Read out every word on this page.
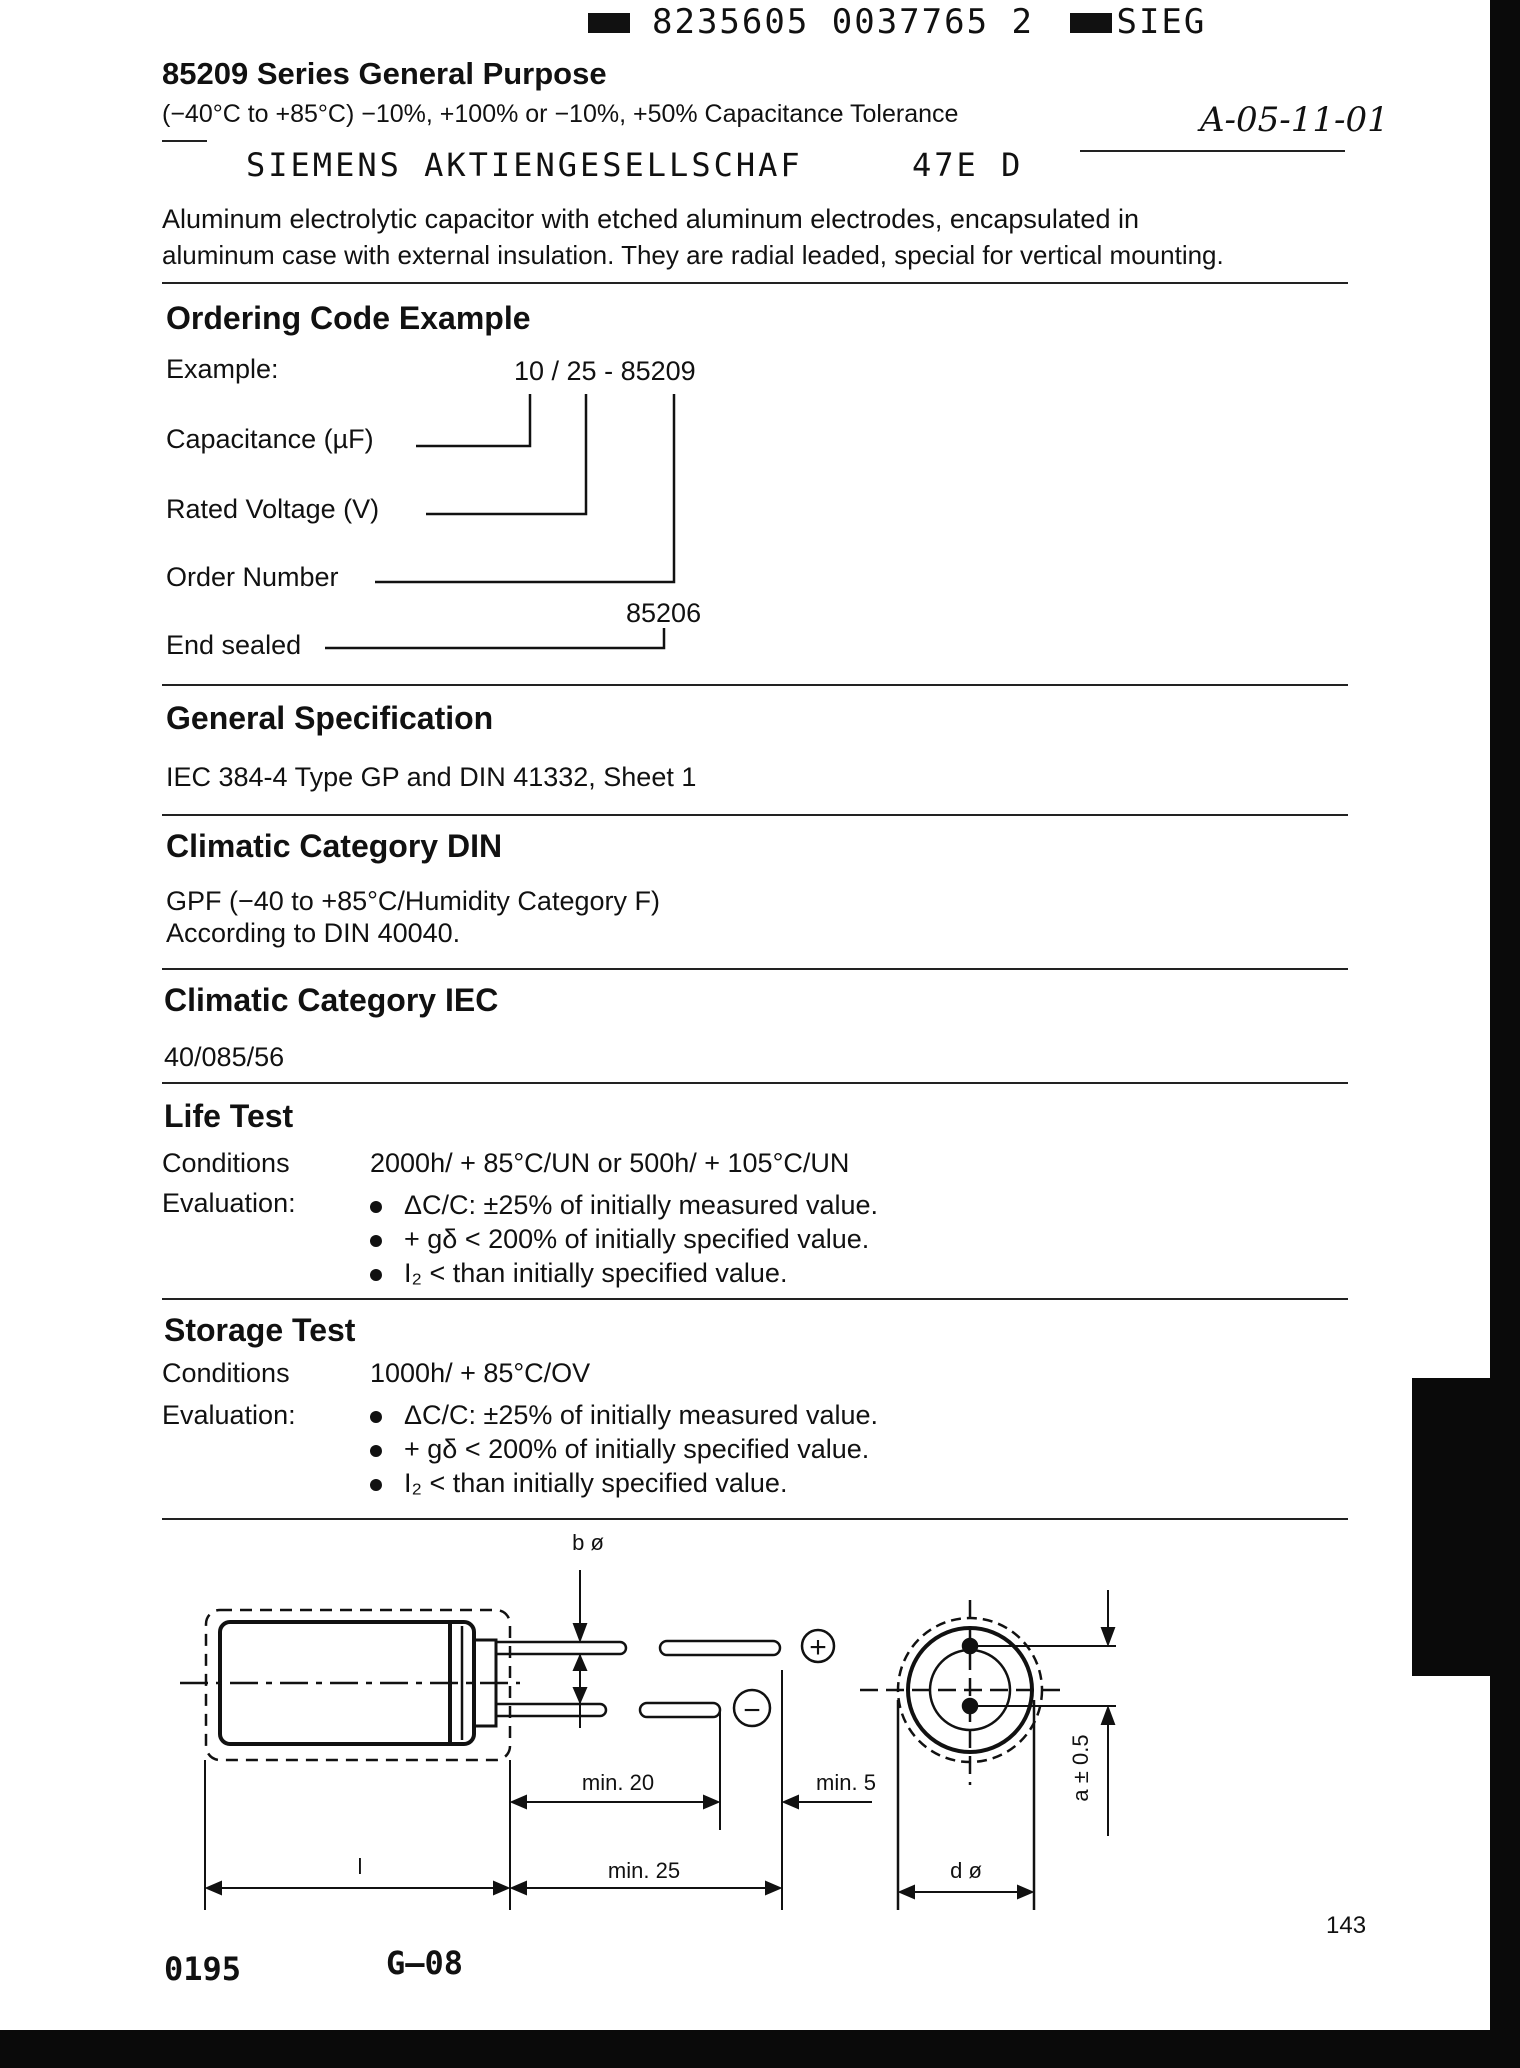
8235605 0037765 2 SIEG
85209 Series General Purpose
(−40°C to +85°C) −10%, +100% or −10%, +50% Capacitance Tolerance	A-05-11-01
SIEMENS AKTIENGESELLSCHAF	47E D
Aluminum electrolytic capacitor with etched aluminum electrodes, encapsulated in
aluminum case with external insulation. They are radial leaded, special for vertical mounting.
Ordering Code Example
Example:	10 / 25 - 85209
Capacitance (µF)
Rated Voltage (V)
Order Number
85206
End sealed
General Specification
IEC 384-4 Type GP and DIN 41332, Sheet 1
Climatic Category DIN
GPF (−40 to +85°C/Humidity Category F)
According to DIN 40040.
Climatic Category IEC
40/085/56
Life Test
Conditions	2000h/ + 85°C/UN or 500h/ + 105°C/UN
Evaluation:	ΔC/C: ±25% of initially measured value.
+ gδ < 200% of initially specified value.
I₂ < than initially specified value.
Storage Test
Conditions	1000h/ + 85°C/OV
Evaluation:	ΔC/C: ±25% of initially measured value.
+ gδ < 200% of initially specified value.
I₂ < than initially specified value.
+
−
b ø
min. 20	min. 5
l	min. 25	d ø
a ± 0.5
143
0195	G–08
